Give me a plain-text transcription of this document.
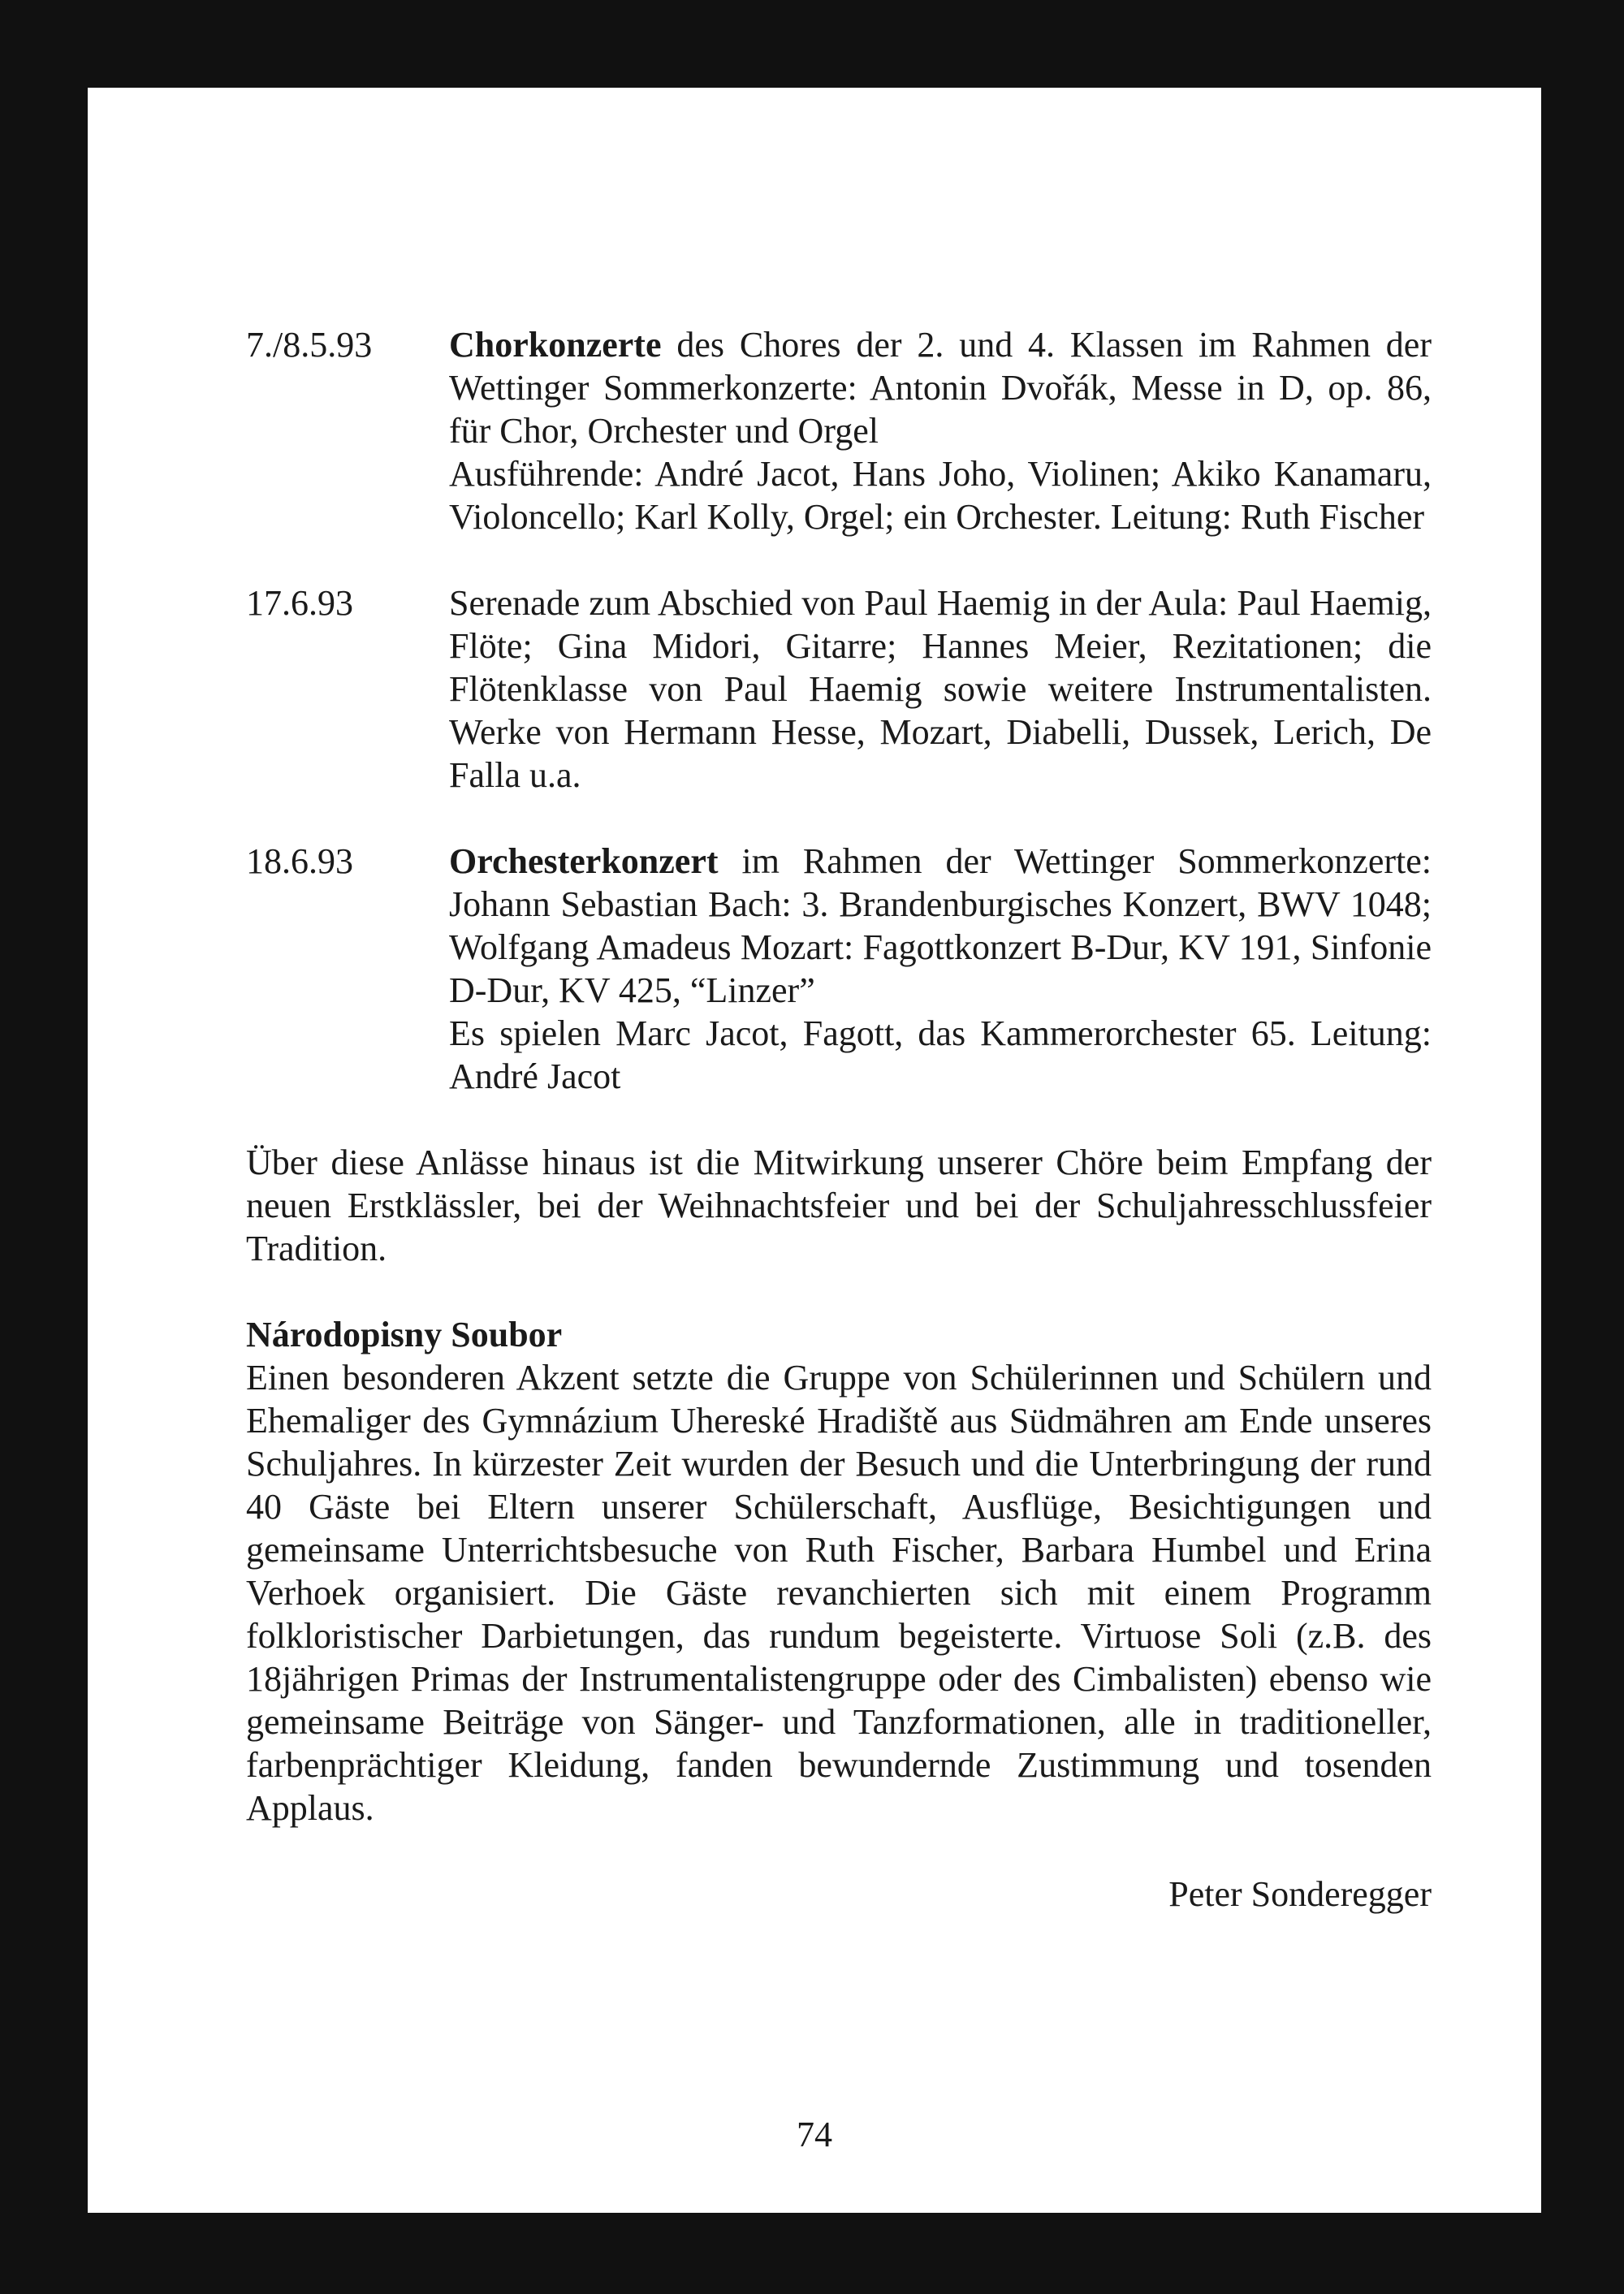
7./8.5.93 Chorkonzerte des Chores der 2. und 4. Klassen im Rahmen der Wettinger Sommerkonzerte: Antonin Dvořák, Messe in D, op. 86, für Chor, Orchester und Orgel

Ausführende: André Jacot, Hans Joho, Violinen; Akiko Kanamaru, Violoncello; Karl Kolly, Orgel; ein Orchester. Leitung: Ruth Fischer

17.6.93	Serenade zum Abschied von Paul Haemig in der Aula: Paul Haemig, Flöte; Gina Midori, Gitarre; Hannes Meier, Rezitationen; die Flötenklasse von Paul Haemig sowie weitere Instrumentalisten. Werke von Hermann Hesse, Mozart, Diabelli, Dussek, Lerich, De Falla u.a.

18.6.93	Orchesterkonzert im Rahmen der Wettinger Sommerkonzerte: Johann Sebastian Bach: 3. Brandenburgisches Konzert, BWV 1048; Wolfgang Amadeus Mozart: Fagottkonzert B-Dur, KV 191, Sinfonie D-Dur, KV 425, “Linzer”

Es spielen Marc Jacot, Fagott, das Kammerorchester 65. Leitung: André Jacot

Über diese Anlässe hinaus ist die Mitwirkung unserer Chöre beim Empfang der neuen Erstklässler, bei der Weihnachtsfeier und bei der Schuljahresschlussfeier Tradition.

Národopisny Soubor

Einen besonderen Akzent setzte die Gruppe von Schülerinnen und Schülern und Ehemaliger des Gymnázium Uhereské Hradiště aus Südmähren am Ende unseres Schuljahres. In kürzester Zeit wurden der Besuch und die Unterbringung der rund 40 Gäste bei Eltern unserer Schülerschaft, Ausflüge, Besichtigungen und gemeinsame Unterrichtsbesuche von Ruth Fischer, Barbara Humbel und Erina Verhoek organisiert. Die Gäste revanchierten sich mit einem Programm folkloristischer Darbietungen, das rundum begeisterte. Virtuose Soli (z.B. des 18jährigen Primas der Instrumentalistengruppe oder des Cimbalisten) ebenso wie gemeinsame Beiträge von Sänger- und Tanzformationen, alle in traditioneller, farbenprächtiger Kleidung, fanden bewundernde Zustimmung und tosenden Applaus.

Peter Sonderegger

74
